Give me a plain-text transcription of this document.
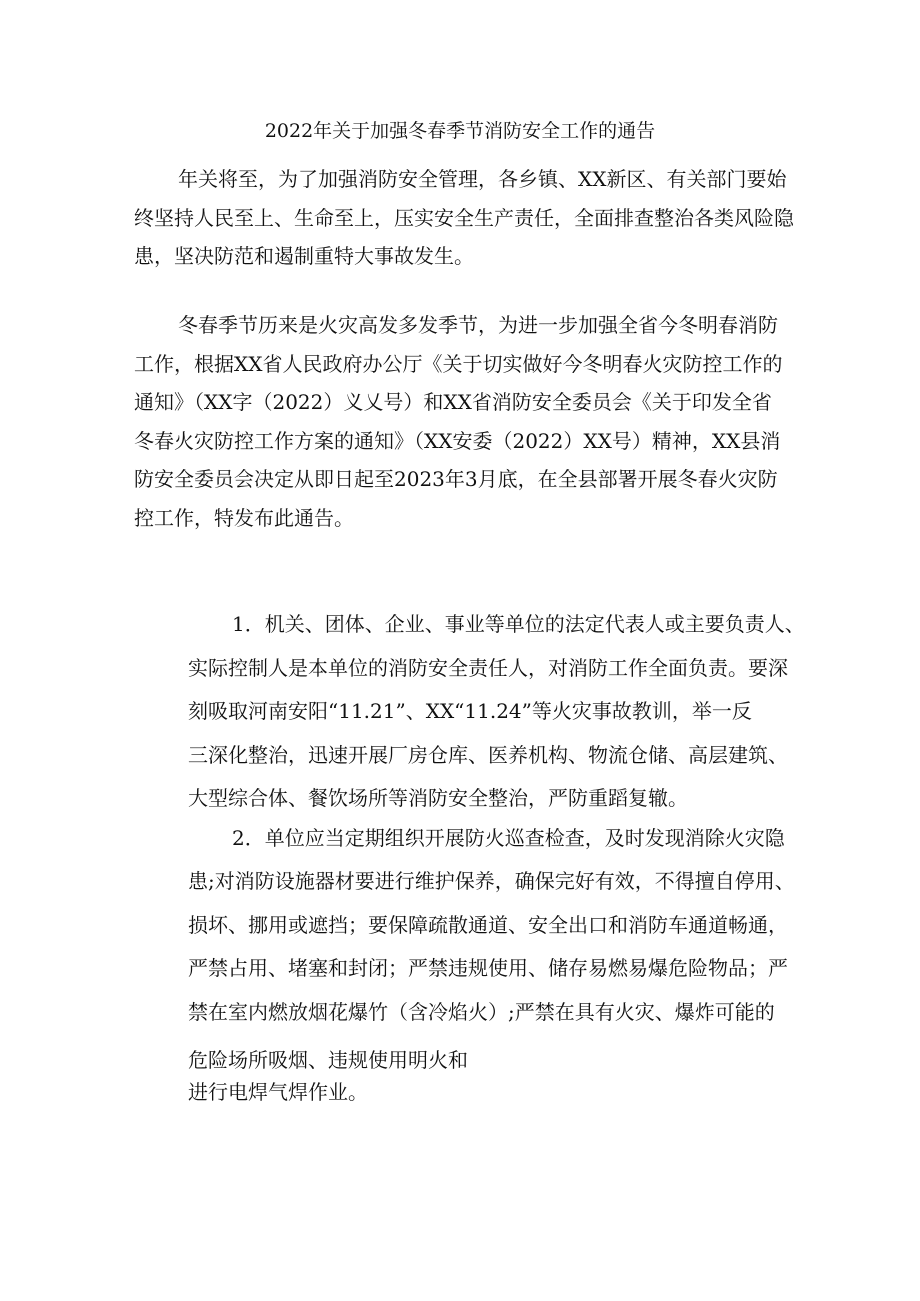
2022年关于加强冬春季节消防安全工作的通告
年关将至，为了加强消防安全管理，各乡镇、XX新区、有关部门要始
终坚持人民至上、生命至上，压实安全生产责任，全面排查整治各类风险隐
患，坚决防范和遏制重特大事故发生。
冬春季节历来是火灾高发多发季节，为进一步加强全省今冬明春消防
工作，根据XX省人民政府办公厅《关于切实做好今冬明春火灾防控工作的
通知》（XX字（2022）义乂号）和XX省消防安全委员会《关于印发全省
冬春火灾防控工作方案的通知》（XX安委（2022）XX号）精神，XX县消
防安全委员会决定从即日起至2023年3月底，在全县部署开展冬春火灾防
控工作，特发布此通告。
1．机关、团体、企业、事业等单位的法定代表人或主要负责人、
实际控制人是本单位的消防安全责任人，对消防工作全面负责。要深
刻吸取河南安阳“11.21”、XX“11.24”等火灾事故教训，举一反
三深化整治，迅速开展厂房仓库、医养机构、物流仓储、高层建筑、
大型综合体、餐饮场所等消防安全整治，严防重蹈复辙。
2．单位应当定期组织开展防火巡查检查，及时发现消除火灾隐
患;对消防设施器材要进行维护保养，确保完好有效，不得擅自停用、
损坏、挪用或遮挡；要保障疏散通道、安全出口和消防车通道畅通，
严禁占用、堵塞和封闭；严禁违规使用、储存易燃易爆危险物品；严
禁在室内燃放烟花爆竹（含冷焰火）;严禁在具有火灾、爆炸可能的
危险场所吸烟、违规使用明火和
进行电焊气焊作业。
